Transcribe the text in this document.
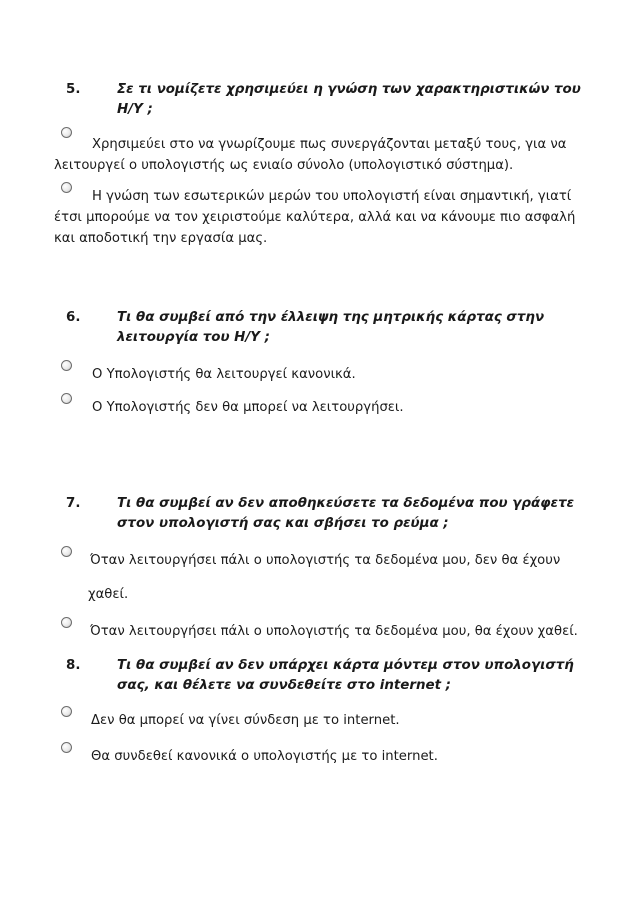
5.	Σε τι νομίζετε χρησιμεύει η γνώση των χαρακτηριστικών του
Η/Υ ;
Χρησιμεύει στο να γνωρίζουμε πως συνεργάζονται μεταξύ τους, για να
λειτουργεί ο υπολογιστής ως ενιαίο σύνολο (υπολογιστικό σύστημα).
Η γνώση των εσωτερικών μερών του υπολογιστή είναι σημαντική, γιατί
έτσι μπορούμε να τον χειριστούμε καλύτερα, αλλά και να κάνουμε πιο ασφαλή
και αποδοτική την εργασία μας.
6.	Τι θα συμβεί από την έλλειψη της μητρικής κάρτας στην
λειτουργία του Η/Υ ;
Ο Υπολογιστής θα λειτουργεί κανονικά.
Ο Υπολογιστής δεν θα μπορεί να λειτουργήσει.
7.	Τι θα συμβεί αν δεν αποθηκεύσετε τα δεδομένα που γράφετε
στον υπολογιστή σας και σβήσει το ρεύμα ;
Όταν λειτουργήσει πάλι ο υπολογιστής τα δεδομένα μου, δεν θα έχουν
χαθεί.
Όταν λειτουργήσει πάλι ο υπολογιστής τα δεδομένα μου, θα έχουν χαθεί.
8.	Τι θα συμβεί αν δεν υπάρχει κάρτα μόντεμ στον υπολογιστή
σας, και θέλετε να συνδεθείτε στο internet ;
Δεν θα μπορεί να γίνει σύνδεση με το internet.
Θα συνδεθεί κανονικά ο υπολογιστής με το internet.
